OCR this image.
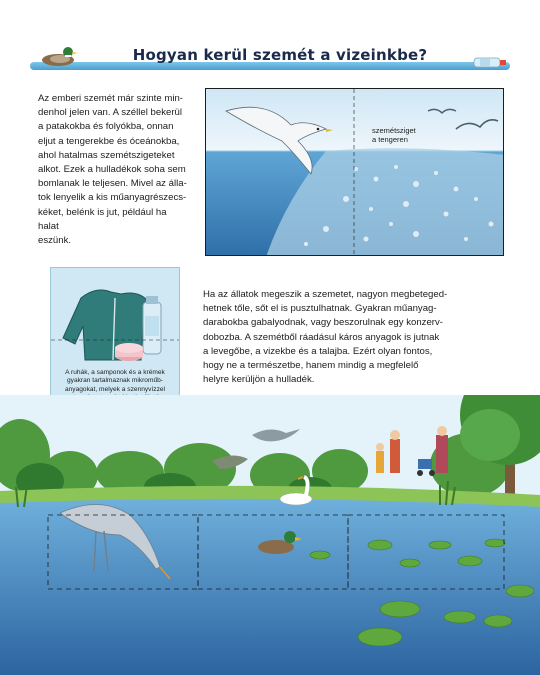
Hogyan kerül szemét a vizeinkbe?
Az emberi szemét már szinte min-
denhol jelen van. A széllel bekerül
a patakokba és folyókba, onnan
eljut a tengerekbe és óceánokba,
ahol hatalmas szemétszigeteket
alkot. Ezek a hulladékok soha sem
bomlanak le teljesen. Mivel az álla-
tok lenyelik a kis műanyagrészecs-
kéket, belénk is jut, például ha halat
eszünk.
szemétsziget
a tengeren
A ruhák, a samponok és a krémek
gyakran tartalmaznak mikroműb-
anyagokat, melyek a szennyvízzel
Ha az állatok megeszik a szemetet, nagyon megbeteged-
hetnek tőle, sőt el is pusztulhatnak. Gyakran műanyag-
darabokba gabalyodnak, vagy beszorulnak egy konzerv-
dobozba. A szemétből ráadásul káros anyagok is jutnak
a levegőbe, a vizekbe és a talajba. Ezért olyan fontos,
hogy ne a természetbe, hanem mindig a megfelelő
helyre kerüljön a hulladék.
